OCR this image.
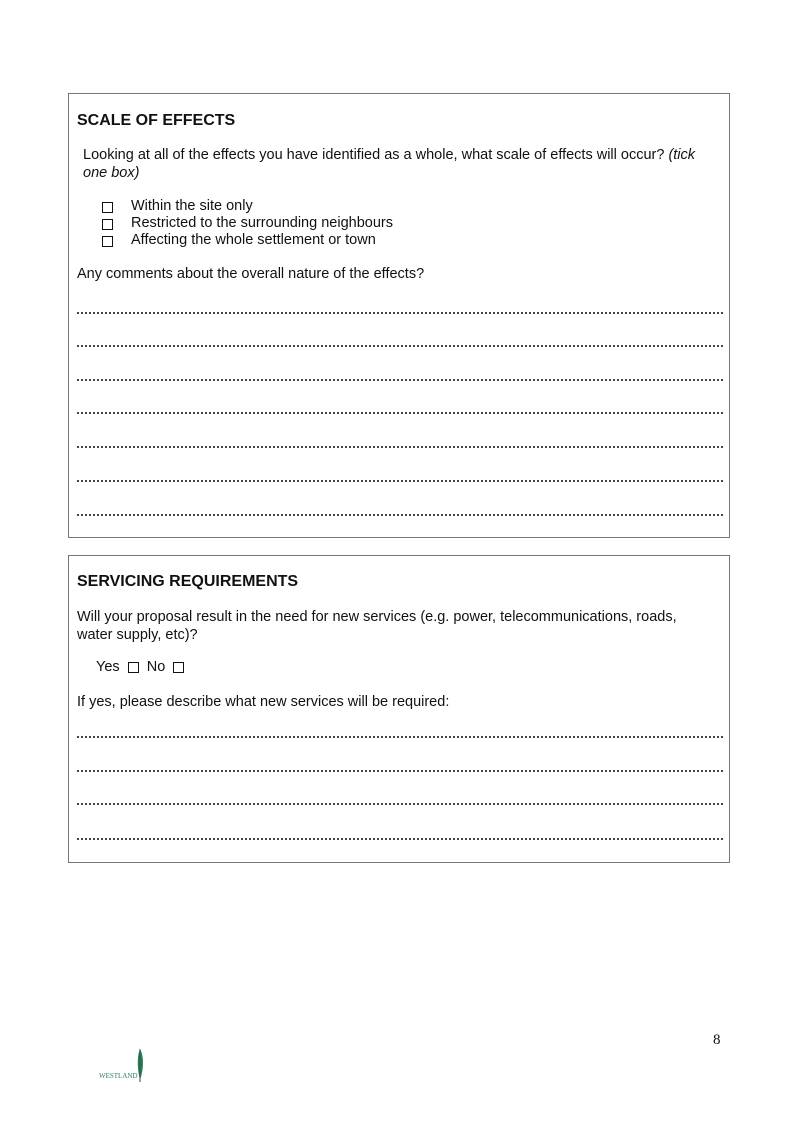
SCALE OF EFFECTS
Looking at all of the effects you have identified as a whole, what scale of effects will occur? (tick
one box)
Within the site only
Restricted to the surrounding neighbours
Affecting the whole settlement or town
Any comments about the overall nature of the effects?
SERVICING REQUIREMENTS
Will your proposal result in the need for new services (e.g. power, telecommunications, roads,
water supply, etc)?
Yes No
If yes, please describe what new services will be required:
8
WESTLAND
